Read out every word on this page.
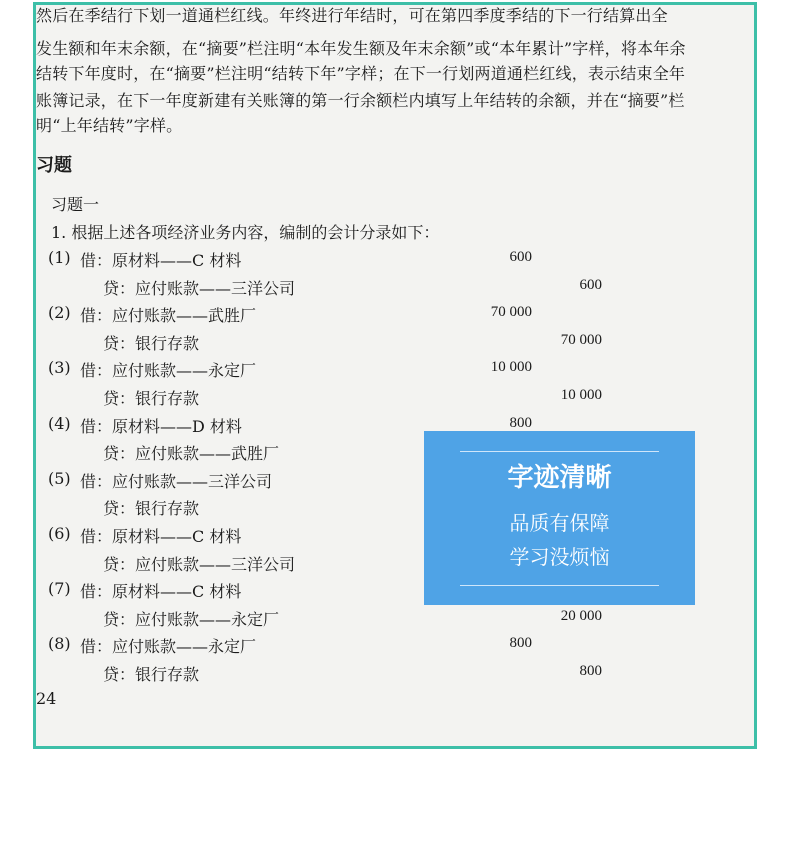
然后在季结行下划一道通栏红线。年终进行年结时，可在第四季度季结的下一行结算出全
发生额和年末余额，在“摘要”栏注明“本年发生额及年末余额”或“本年累计”字样，将本年余
结转下年度时，在“摘要”栏注明“结转下年”字样；在下一行划两道通栏红线，表示结束全年
账簿记录，在下一年度新建有关账簿的第一行余额栏内填写上年结转的余额，并在“摘要”栏
明“上年结转”字样。
习题
习题一
1. 根据上述各项经济业务内容，编制的会计分录如下：
(1) 借：原材料——C 材料	600
贷：应付账款——三洋公司	600
(2) 借：应付账款——武胜厂	70 000
贷：银行存款	70 000
(3) 借：应付账款——永定厂	10 000
贷：银行存款	10 000
(4) 借：原材料——D 材料	800
贷：应付账款——武胜厂
(5) 借：应付账款——三洋公司
贷：银行存款
(6) 借：原材料——C 材料
贷：应付账款——三洋公司
(7) 借：原材料——C 材料
贷：应付账款——永定厂	20 000
(8) 借：应付账款——永定厂	800
贷：银行存款	800
24
字迹清晰
品质有保障
学习没烦恼
